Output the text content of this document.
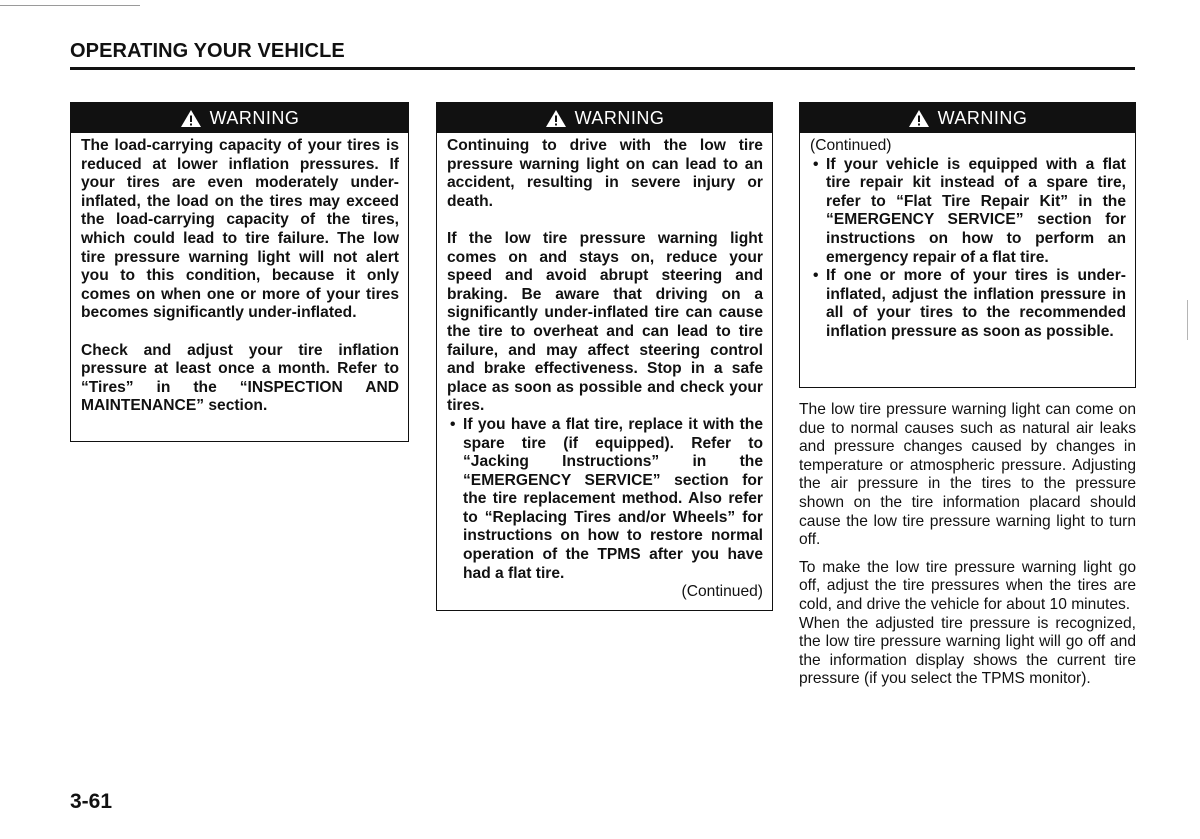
OPERATING YOUR VEHICLE
WARNING

The load-carrying capacity of your tires is reduced at lower inflation pressures. If your tires are even moderately under-inflated, the load on the tires may exceed the load-carrying capacity of the tires, which could lead to tire failure. The low tire pressure warning light will not alert you to this condition, because it only comes on when one or more of your tires becomes significantly under-inflated.

Check and adjust your tire inflation pressure at least once a month. Refer to “Tires” in the “INSPECTION AND MAINTENANCE” section.

WARNING

Continuing to drive with the low tire pressure warning light on can lead to an accident, resulting in severe injury or death.

If the low tire pressure warning light comes on and stays on, reduce your speed and avoid abrupt steering and braking. Be aware that driving on a significantly under-inflated tire can cause the tire to overheat and can lead to tire failure, and may affect steering control and brake effectiveness. Stop in a safe place as soon as possible and check your tires.

• If you have a flat tire, replace it with the spare tire (if equipped). Refer to “Jacking Instructions” in the “EMERGENCY SERVICE” section for the tire replacement method. Also refer to “Replacing Tires and/or Wheels” for instructions on how to restore normal operation of the TPMS after you have had a flat tire.
(Continued)
WARNING

(Continued)

• If your vehicle is equipped with a flat tire repair kit instead of a spare tire, refer to “Flat Tire Repair Kit” in the “EMERGENCY SERVICE” section for instructions on how to perform an emergency repair of a flat tire.
• If one or more of your tires is under-inflated, adjust the inflation pressure in all of your tires to the recommended inflation pressure as soon as possible.

The low tire pressure warning light can come on due to normal causes such as natural air leaks and pressure changes caused by changes in temperature or atmospheric pressure. Adjusting the air pressure in the tires to the pressure shown on the tire information placard should cause the low tire pressure warning light to turn off.

To make the low tire pressure warning light go off, adjust the tire pressures when the tires are cold, and drive the vehicle for about 10 minutes.

When the adjusted tire pressure is recognized, the low tire pressure warning light will go off and the information display shows the current tire pressure (if you select the TPMS monitor).

3-61
